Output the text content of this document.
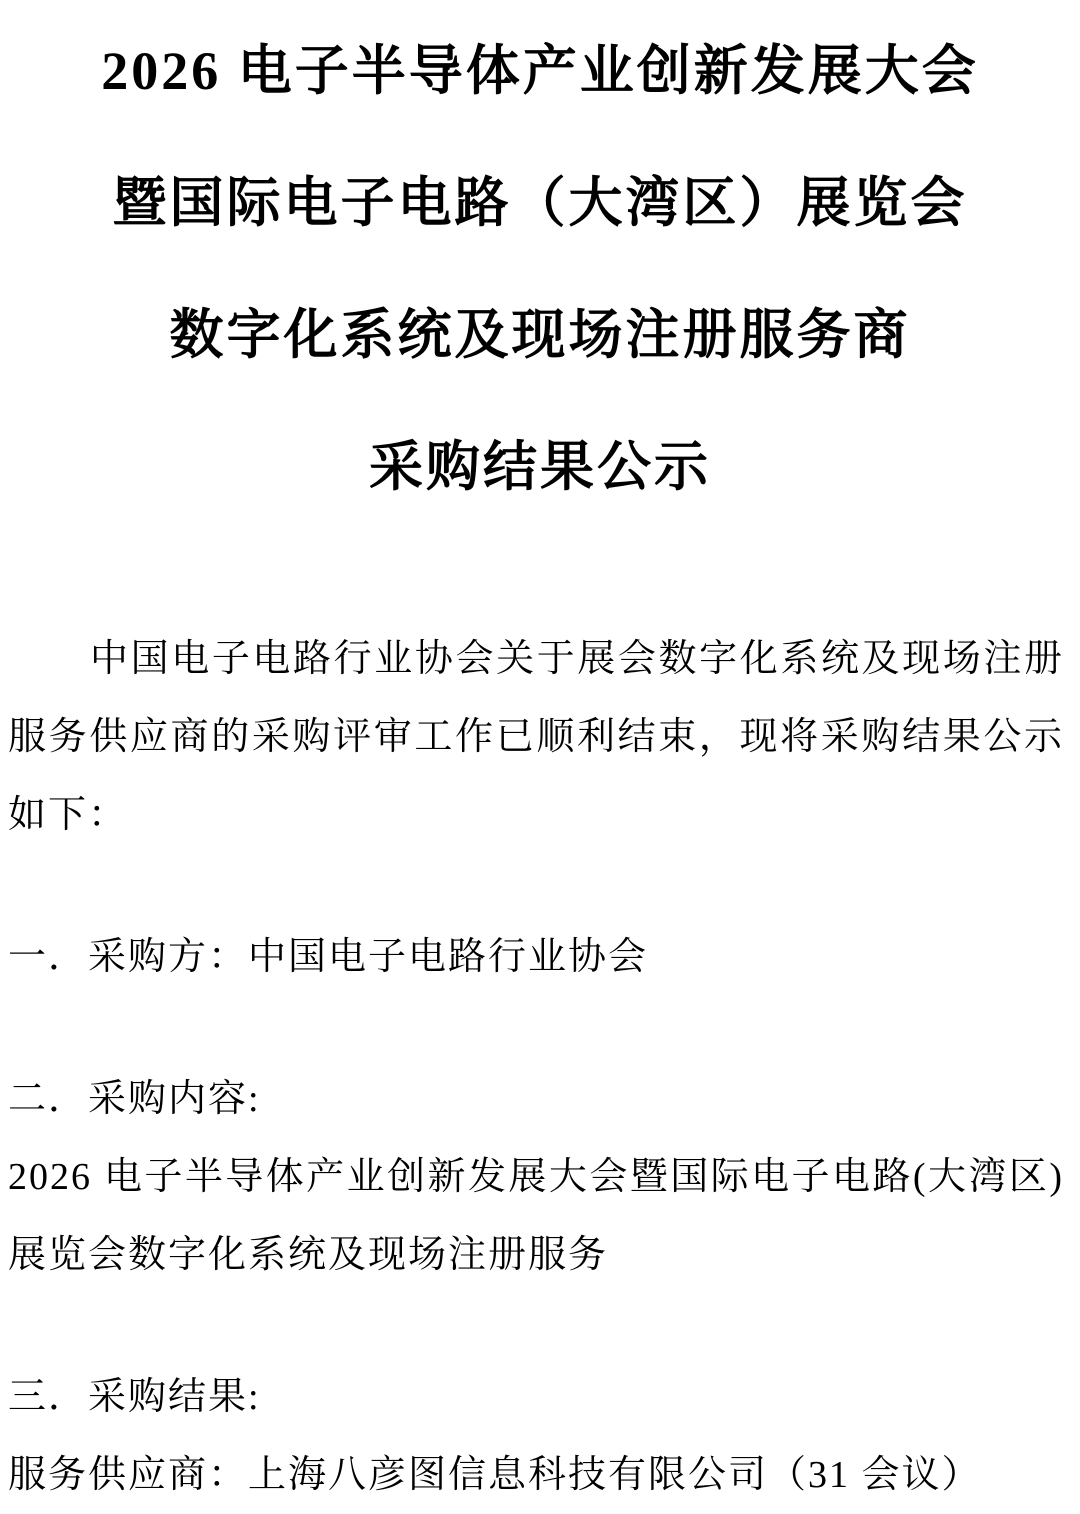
2026 电子半导体产业创新发展大会
暨国际电子电路（大湾区）展览会
数字化系统及现场注册服务商
采购结果公示
中国电子电路行业协会关于展会数字化系统及现场注册
服务供应商的采购评审工作已顺利结束，现将采购结果公示
如下：
一．采购方：中国电子电路行业协会
二．采购内容:
2026 电子半导体产业创新发展大会暨国际电子电路(大湾区)
展览会数字化系统及现场注册服务
三．采购结果:
服务供应商：上海八彦图信息科技有限公司（31 会议）
